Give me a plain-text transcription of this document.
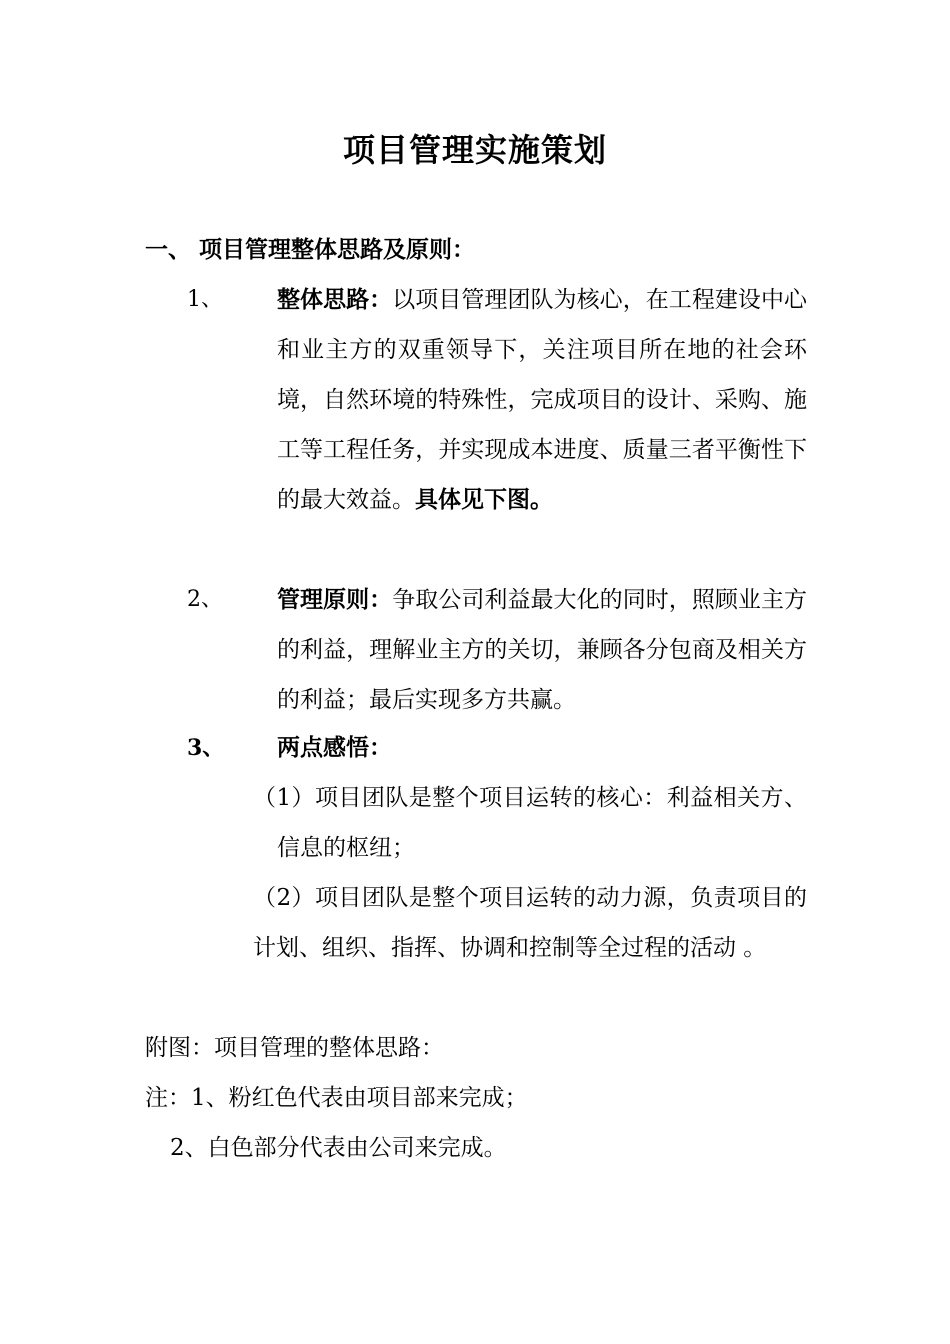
项目管理实施策划
一、 项目管理整体思路及原则：
1、 整体思路：以项目管理团队为核心，在工程建设中心和业主方的双重领导下，关注项目所在地的社会环境，自然环境的特殊性，完成项目的设计、采购、施工等工程任务，并实现成本进度、质量三者平衡性下的最大效益。具体见下图。
2、 管理原则：争取公司利益最大化的同时，照顾业主方的利益，理解业主方的关切，兼顾各分包商及相关方的利益；最后实现多方共赢。
3、 两点感悟：
（1）项目团队是整个项目运转的核心：利益相关方、信息的枢纽；
（2）项目团队是整个项目运转的动力源，负责项目的计划、组织、指挥、协调和控制等全过程的活动 。
附图：项目管理的整体思路：
注：1、粉红色代表由项目部来完成；
2、白色部分代表由公司来完成。
